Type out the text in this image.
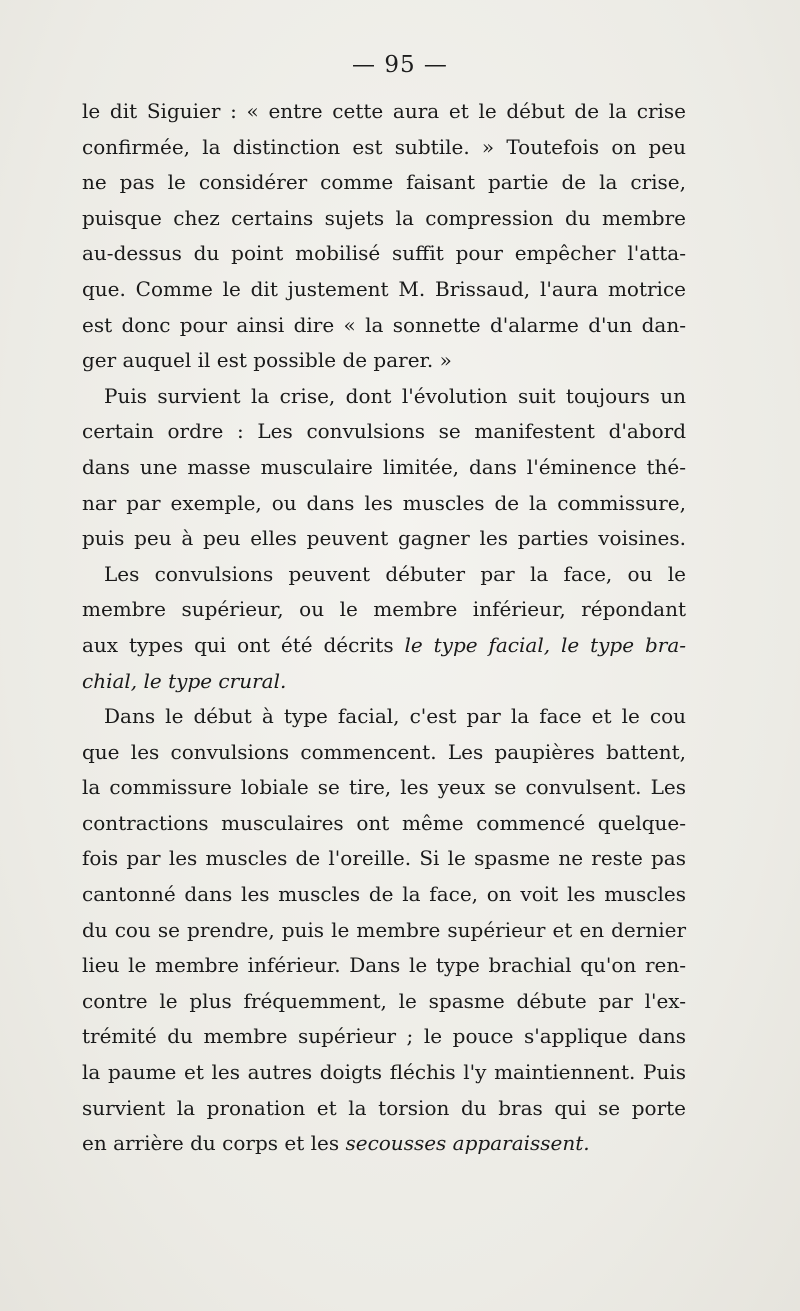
— 95 —
le dit Siguier : « entre cette aura et le début de la crise
confirmée, la distinction est subtile. » Toutefois on peu
ne pas le considérer comme faisant partie de la crise,
puisque chez certains sujets la compression du membre
au-dessus du point mobilisé suffit pour empêcher l'atta-
que. Comme le dit justement M. Brissaud, l'aura motrice
est donc pour ainsi dire « la sonnette d'alarme d'un dan-
ger auquel il est possible de parer. »
Puis survient la crise, dont l'évolution suit toujours un
certain ordre : Les convulsions se manifestent d'abord
dans une masse musculaire limitée, dans l'éminence thé-
nar par exemple, ou dans les muscles de la commissure,
puis peu à peu elles peuvent gagner les parties voisines.
Les convulsions peuvent débuter par la face, ou le
membre supérieur, ou le membre inférieur, répondant
aux types qui ont été décrits le type facial, le type bra-
chial, le type crural.
Dans le début à type facial, c'est par la face et le cou
que les convulsions commencent. Les paupières battent,
la commissure lobiale se tire, les yeux se convulsent. Les
contractions musculaires ont même commencé quelque-
fois par les muscles de l'oreille. Si le spasme ne reste pas
cantonné dans les muscles de la face, on voit les muscles
du cou se prendre, puis le membre supérieur et en dernier
lieu le membre inférieur. Dans le type brachial qu'on ren-
contre le plus fréquemment, le spasme débute par l'ex-
trémité du membre supérieur ; le pouce s'applique dans
la paume et les autres doigts fléchis l'y maintiennent. Puis
survient la pronation et la torsion du bras qui se porte
en arrière du corps et les secousses apparaissent.
